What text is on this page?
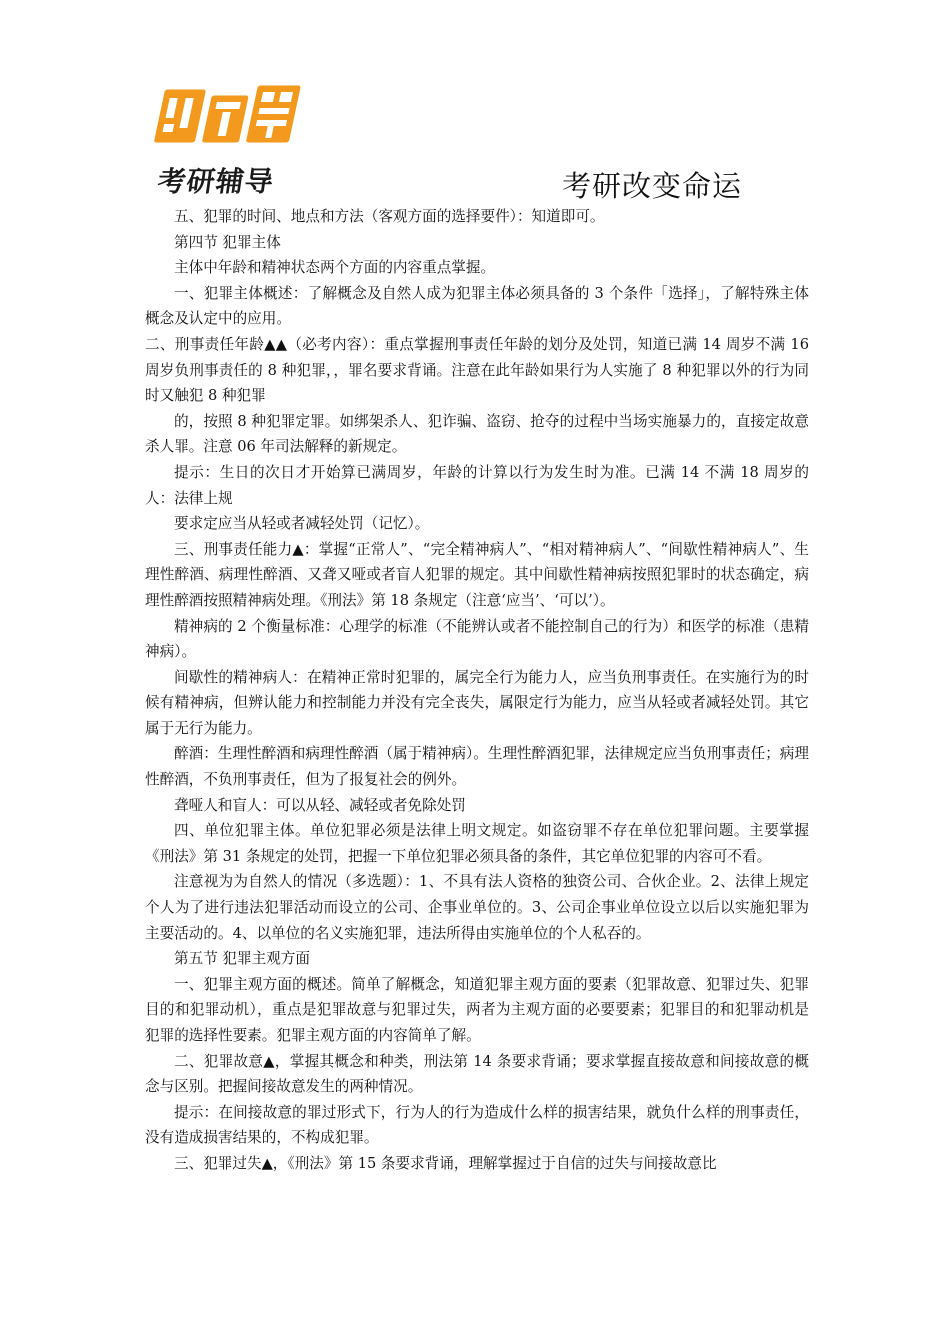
考研辅导	考研改变命运

五、犯罪的时间、地点和方法（客观方面的选择要件）：知道即可。

第四节 犯罪主体

主体中年龄和精神状态两个方面的内容重点掌握。

一、犯罪主体概述：了解概念及自然人成为犯罪主体必须具备的 3 个条件「选择」，了解特殊主体概念及认定中的应用。

二、刑事责任年龄▲▲（必考内容）：重点掌握刑事责任年龄的划分及处罚，知道已满 14 周岁不满 16 周岁负刑事责任的 8 种犯罪，，罪名要求背诵。注意在此年龄如果行为人实施了 8 种犯罪以外的行为同时又触犯 8 种犯罪

的，按照 8 种犯罪定罪。如绑架杀人、犯诈骗、盗窃、抢夺的过程中当场实施暴力的，直接定故意杀人罪。注意 06 年司法解释的新规定。

提示：生日的次日才开始算已满周岁，年龄的计算以行为发生时为准。已满 14 不满 18 周岁的人：法律上规

要求定应当从轻或者减轻处罚（记忆）。

三、刑事责任能力▲：掌握“正常人”、“完全精神病人”、“相对精神病人”、“间歇性精神病人”、生理性醉酒、病理性醉酒、又聋又哑或者盲人犯罪的规定。其中间歇性精神病按照犯罪时的状态确定，病理性醉酒按照精神病处理。《刑法》第 18 条规定（注意‘应当’、‘可以’）。

精神病的 2 个衡量标准：心理学的标准（不能辨认或者不能控制自己的行为）和医学的标准（患精神病）。

间歇性的精神病人：在精神正常时犯罪的，属完全行为能力人，应当负刑事责任。在实施行为的时候有精神病，但辨认能力和控制能力并没有完全丧失，属限定行为能力，应当从轻或者减轻处罚。其它属于无行为能力。

醉酒：生理性醉酒和病理性醉酒（属于精神病）。生理性醉酒犯罪，法律规定应当负刑事责任；病理性醉酒，不负刑事责任，但为了报复社会的例外。

聋哑人和盲人：可以从轻、减轻或者免除处罚

四、单位犯罪主体。单位犯罪必须是法律上明文规定。如盗窃罪不存在单位犯罪问题。主要掌握《刑法》第 31 条规定的处罚，把握一下单位犯罪必须具备的条件，其它单位犯罪的内容可不看。

注意视为为自然人的情况（多选题）：1、不具有法人资格的独资公司、合伙企业。2、法律上规定个人为了进行违法犯罪活动而设立的公司、企事业单位的。3、公司企事业单位设立以后以实施犯罪为主要活动的。4、以单位的名义实施犯罪，违法所得由实施单位的个人私吞的。

第五节 犯罪主观方面

一、犯罪主观方面的概述。简单了解概念，知道犯罪主观方面的要素（犯罪故意、犯罪过失、犯罪目的和犯罪动机），重点是犯罪故意与犯罪过失，两者为主观方面的必要要素；犯罪目的和犯罪动机是犯罪的选择性要素。犯罪主观方面的内容简单了解。

二、犯罪故意▲，掌握其概念和种类，刑法第 14 条要求背诵；要求掌握直接故意和间接故意的概念与区别。把握间接故意发生的两种情况。

提示：在间接故意的罪过形式下，行为人的行为造成什么样的损害结果，就负什么样的刑事责任，没有造成损害结果的，不构成犯罪。

三、犯罪过失▲，《刑法》第 15 条要求背诵，理解掌握过于自信的过失与间接故意比
